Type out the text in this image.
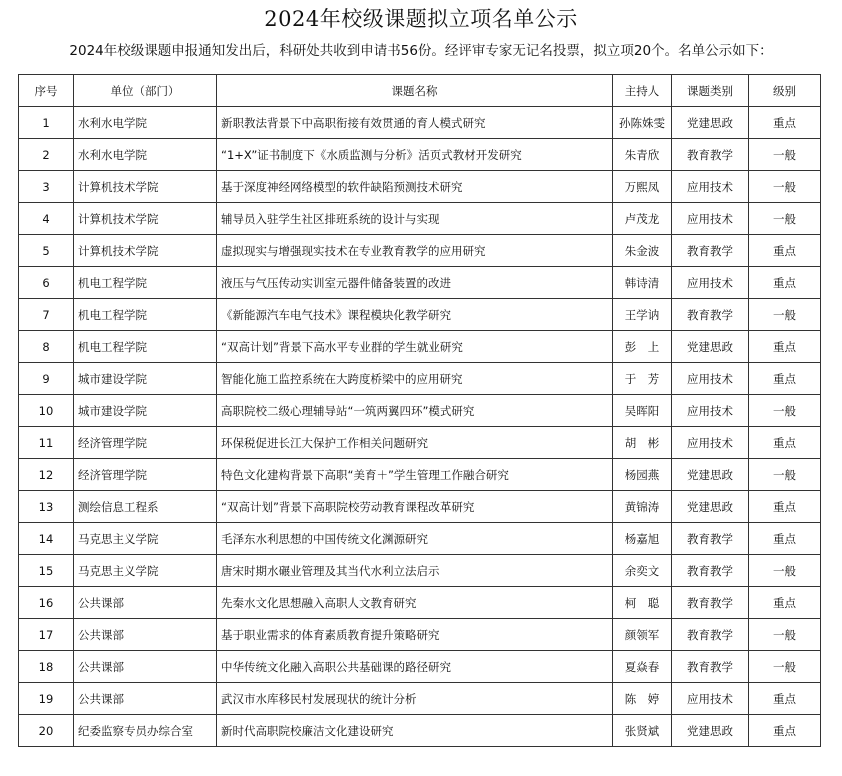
2024年校级课题拟立项名单公示
2024年校级课题申报通知发出后，科研处共收到申请书56份。经评审专家无记名投票，拟立项20个。名单公示如下：
序号	单位（部门）	课题名称	主持人	课题类别	级别
1	水利水电学院	新职教法背景下中高职衔接有效贯通的育人模式研究	孙陈姝雯	党建思政	重点
2	水利水电学院	“1+X”证书制度下《水质监测与分析》活页式教材开发研究	朱青欣	教育教学	一般
3	计算机技术学院	基于深度神经网络模型的软件缺陷预测技术研究	万熙凤	应用技术	一般
4	计算机技术学院	辅导员入驻学生社区排班系统的设计与实现	卢茂龙	应用技术	一般
5	计算机技术学院	虚拟现实与增强现实技术在专业教育教学的应用研究	朱金波	教育教学	重点
6	机电工程学院	液压与气压传动实训室元器件储备装置的改进	韩诗清	应用技术	重点
7	机电工程学院	《新能源汽车电气技术》课程模块化教学研究	王学讷	教育教学	一般
8	机电工程学院	“双高计划”背景下高水平专业群的学生就业研究	彭　上	党建思政	重点
9	城市建设学院	智能化施工监控系统在大跨度桥梁中的应用研究	于　芳	应用技术	重点
10	城市建设学院	高职院校二级心理辅导站“一筑两翼四环”模式研究	吴晖阳	应用技术	一般
11	经济管理学院	环保税促进长江大保护工作相关问题研究	胡　彬	应用技术	重点
12	经济管理学院	特色文化建构背景下高职“美育＋”学生管理工作融合研究	杨园燕	党建思政	一般
13	测绘信息工程系	“双高计划”背景下高职院校劳动教育课程改革研究	黄锦涛	党建思政	重点
14	马克思主义学院	毛泽东水利思想的中国传统文化渊源研究	杨嘉旭	教育教学	重点
15	马克思主义学院	唐宋时期水碾业管理及其当代水利立法启示	余奕文	教育教学	一般
16	公共课部	先秦水文化思想融入高职人文教育研究	柯　聪	教育教学	重点
17	公共课部	基于职业需求的体育素质教育提升策略研究	颜领军	教育教学	一般
18	公共课部	中华传统文化融入高职公共基础课的路径研究	夏焱春	教育教学	一般
19	公共课部	武汉市水库移民村发展现状的统计分析	陈　婷	应用技术	重点
20	纪委监察专员办综合室	新时代高职院校廉洁文化建设研究	张贤斌	党建思政	重点
